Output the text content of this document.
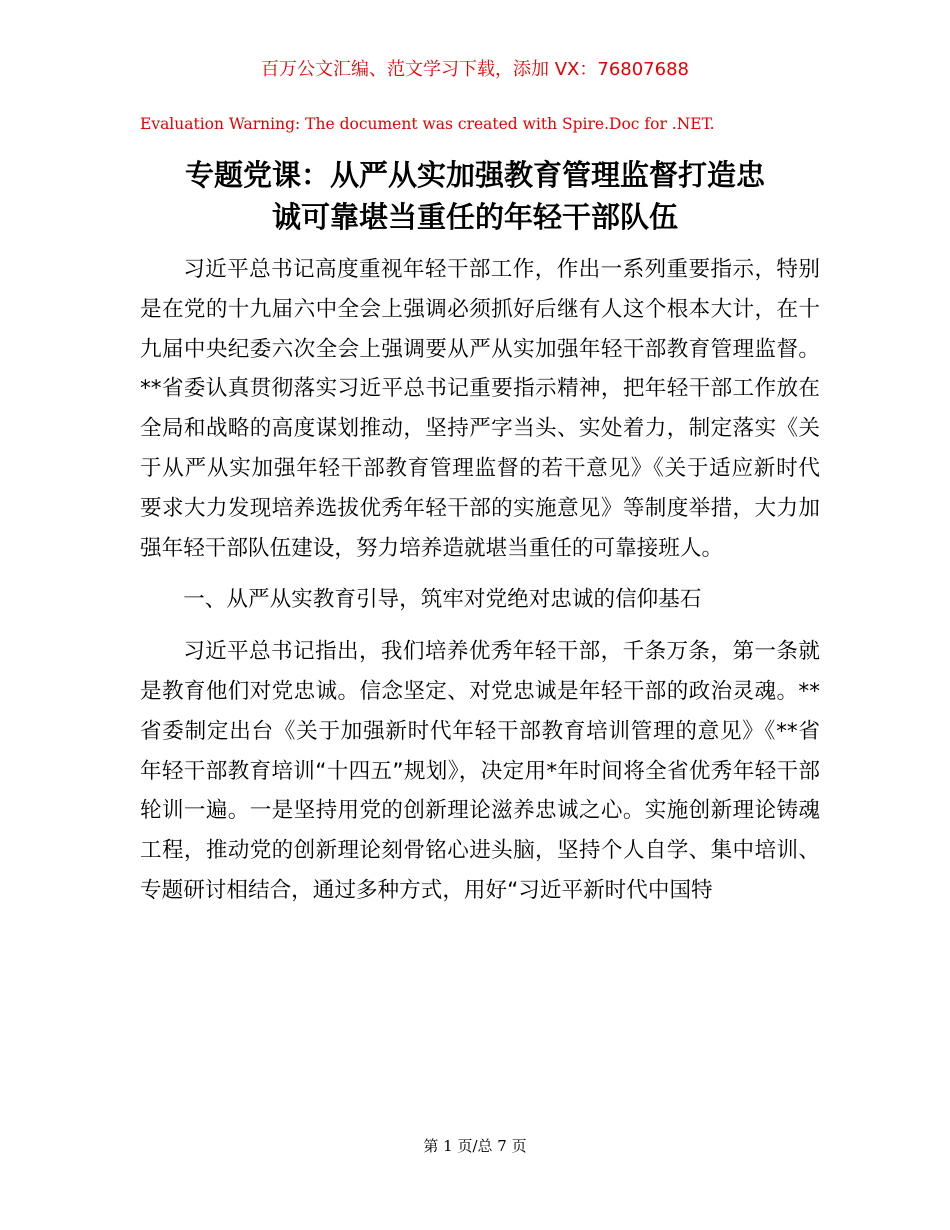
百万公文汇编、范文学习下载，添加 VX：76807688
Evaluation Warning: The document was created with Spire.Doc for .NET.
专题党课：从严从实加强教育管理监督打造忠
诚可靠堪当重任的年轻干部队伍

习近平总书记高度重视年轻干部工作，作出一系列重要指示，特别是在党的十九届六中全会上强调必须抓好后继有人这个根本大计，在十九届中央纪委六次全会上强调要从严从实加强年轻干部教育管理监督。**省委认真贯彻落实习近平总书记重要指示精神，把年轻干部工作放在全局和战略的高度谋划推动，坚持严字当头、实处着力，制定落实《关于从严从实加强年轻干部教育管理监督的若干意见》《关于适应新时代要求大力发现培养选拔优秀年轻干部的实施意见》等制度举措，大力加强年轻干部队伍建设，努力培养造就堪当重任的可靠接班人。

一、从严从实教育引导，筑牢对党绝对忠诚的信仰基石

习近平总书记指出，我们培养优秀年轻干部，千条万条，第一条就是教育他们对党忠诚。信念坚定、对党忠诚是年轻干部的政治灵魂。**省委制定出台《关于加强新时代年轻干部教育培训管理的意见》《**省年轻干部教育培训“十四五”规划》，决定用*年时间将全省优秀年轻干部轮训一遍。一是坚持用党的创新理论滋养忠诚之心。实施创新理论铸魂工程，推动党的创新理论刻骨铭心进头脑，坚持个人自学、集中培训、专题研讨相结合，通过多种方式，用好“习近平新时代中国特

第 1 页/总 7 页
